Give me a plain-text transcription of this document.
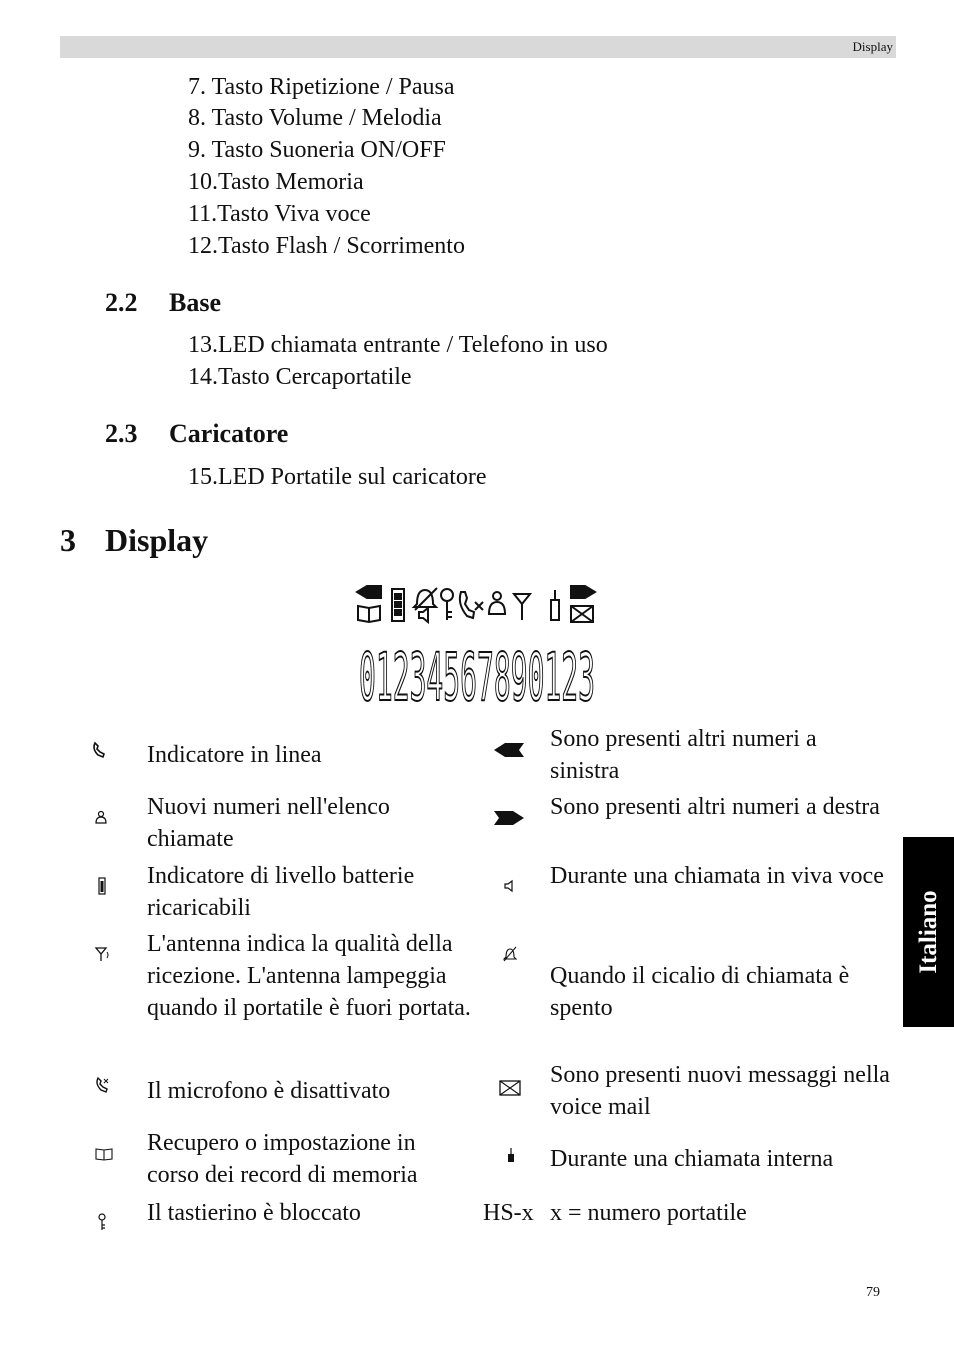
Display
Italiano
7. Tasto Ripetizione / Pausa
8. Tasto Volume / Melodia
9. Tasto Suoneria ON/OFF
10.Tasto Memoria
11.Tasto Viva voce
12.Tasto Flash / Scorrimento
2.2 Base
13.LED chiamata entrante / Telefono in uso
14.Tasto Cercaportatile
2.3 Caricatore
15.LED Portatile sul caricatore
3 Display
01234567890123
Indicatore in linea
Sono presenti altri numeri a sinistra
Nuovi numeri nell'elenco chiamate
Sono presenti altri numeri a destra
Indicatore di livello batterie ricaricabili
Durante una chiamata in viva voce
L'antenna indica la qualità della ricezione. L'antenna lampeggia quando il portatile è fuori portata.
Quando il cicalio di chiamata è spento
Il microfono è disattivato
Sono presenti nuovi messaggi nella voice mail
Recupero o impostazione in corso dei record di memoria
Durante una chiamata interna
Il tastierino è bloccato	HS-x x = numero portatile
79
